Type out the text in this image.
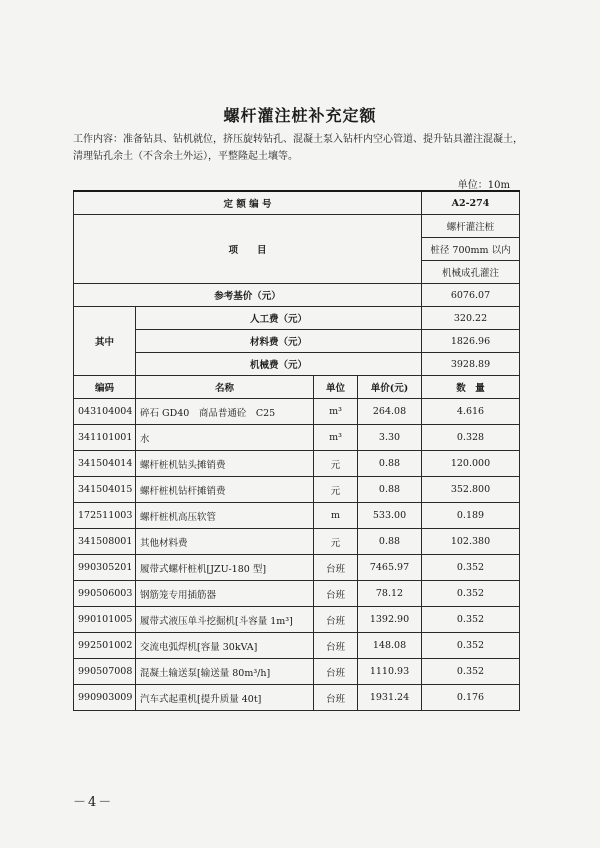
螺杆灌注桩补充定额
工作内容：准备钻具、钻机就位，挤压旋转钻孔、混凝土泵入钻杆内空心管道、提升钻具灌注混凝土，清理钻孔余土（不含余土外运），平整隆起土壤等。
单位：10m
定 额 编 号				A2-274
项　　目				螺杆灌注桩
				桩径 700mm 以内
				机械成孔灌注
参考基价（元）				6076.07
其中	人工费（元）			320.22
	材料费（元）			1826.96
	机械费（元）			3928.89
编码	名称	单位	单价(元)	数　量
043104004	碎石 GD40　商品普通砼　C25	m³	264.08	4.616
341101001	水	m³	3.30	0.328
341504014	螺杆桩机钻头摊销费	元	0.88	120.000
341504015	螺杆桩机钻杆摊销费	元	0.88	352.800
172511003	螺杆桩机高压软管	m	533.00	0.189
341508001	其他材料费	元	0.88	102.380
990305201	履带式螺杆桩机[JZU-180 型]	台班	7465.97	0.352
990506003	钢筋笼专用插筋器	台班	78.12	0.352
990101005	履带式液压单斗挖掘机[斗容量 1m³]	台班	1392.90	0.352
992501002	交流电弧焊机[容量 30kVA]	台班	148.08	0.352
990507008	混凝土输送泵[输送量 80m³/h]	台班	1110.93	0.352
990903009	汽车式起重机[提升质量 40t]	台班	1931.24	0.176
－4－
